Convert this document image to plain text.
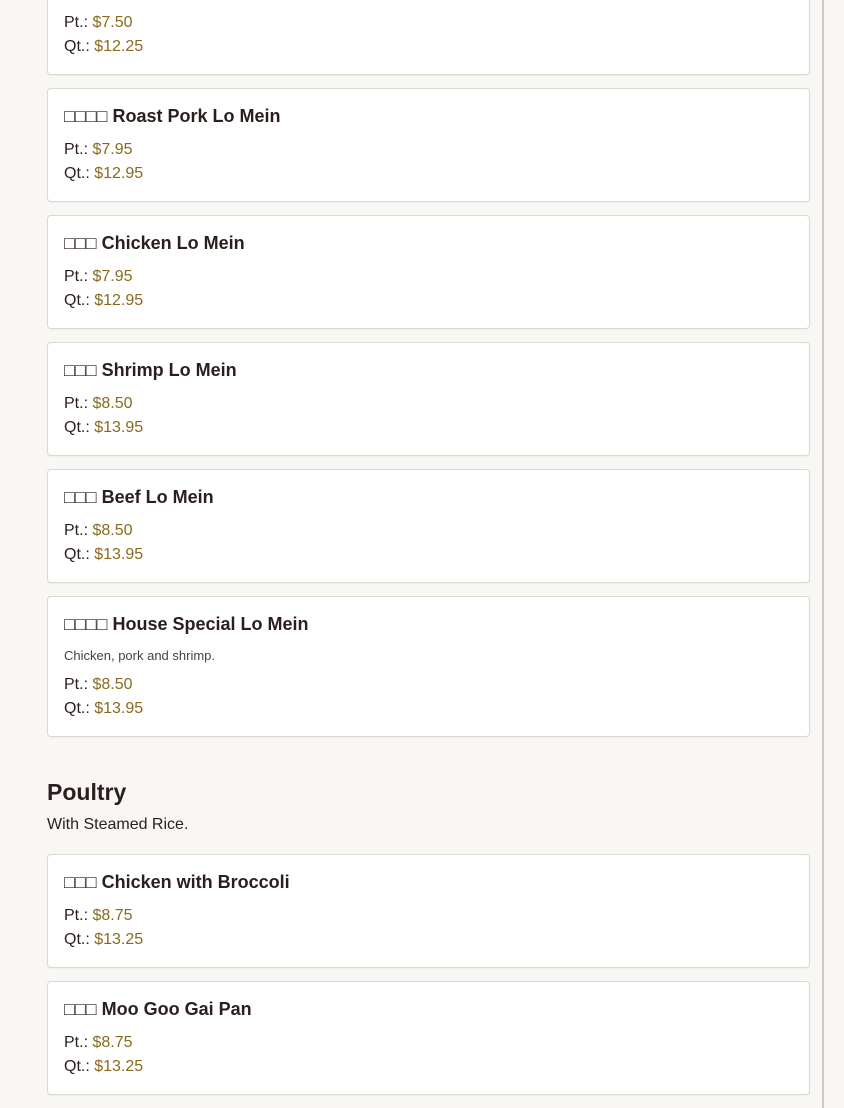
Pt.: $7.50
Qt.: $12.25
□□□□ Roast Pork Lo Mein
Pt.: $7.95
Qt.: $12.95
□□□ Chicken Lo Mein
Pt.: $7.95
Qt.: $12.95
□□□ Shrimp Lo Mein
Pt.: $8.50
Qt.: $13.95
□□□ Beef Lo Mein
Pt.: $8.50
Qt.: $13.95
□□□□ House Special Lo Mein
Chicken, pork and shrimp.
Pt.: $8.50
Qt.: $13.95
Poultry
With Steamed Rice.
□□□ Chicken with Broccoli
Pt.: $8.75
Qt.: $13.25
□□□ Moo Goo Gai Pan
Pt.: $8.75
Qt.: $13.25
